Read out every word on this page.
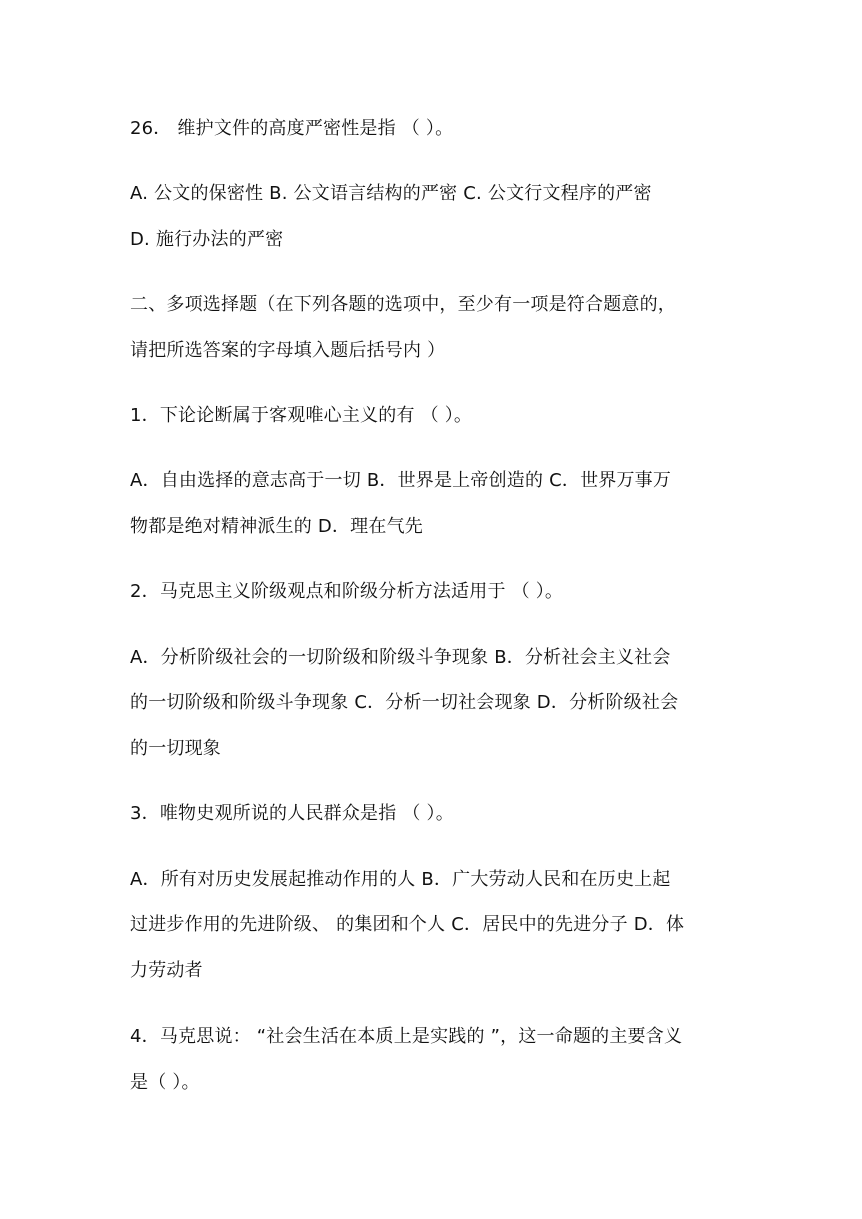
26． 维护文件的高度严密性是指 （ ）。
A. 公文的保密性 B. 公文语言结构的严密 C. 公文行文程序的严密
D. 施行办法的严密
二、多项选择题（在下列各题的选项中，至少有一项是符合题意的，
请把所选答案的字母填入题后括号内 ）
1．下论论断属于客观唯心主义的有 （ ）。
A．自由选择的意志高于一切 B．世界是上帝创造的 C．世界万事万
物都是绝对精神派生的 D．理在气先
2．马克思主义阶级观点和阶级分析方法适用于 （ ）。
A．分析阶级社会的一切阶级和阶级斗争现象 B．分析社会主义社会
的一切阶级和阶级斗争现象 C．分析一切社会现象 D．分析阶级社会
的一切现象
3．唯物史观所说的人民群众是指 （ ）。
A．所有对历史发展起推动作用的人 B．广大劳动人民和在历史上起
过进步作用的先进阶级、 的集团和个人 C．居民中的先进分子 D．体
力劳动者
4．马克思说： “社会生活在本质上是实践的 ”，这一命题的主要含义
是（ ）。
